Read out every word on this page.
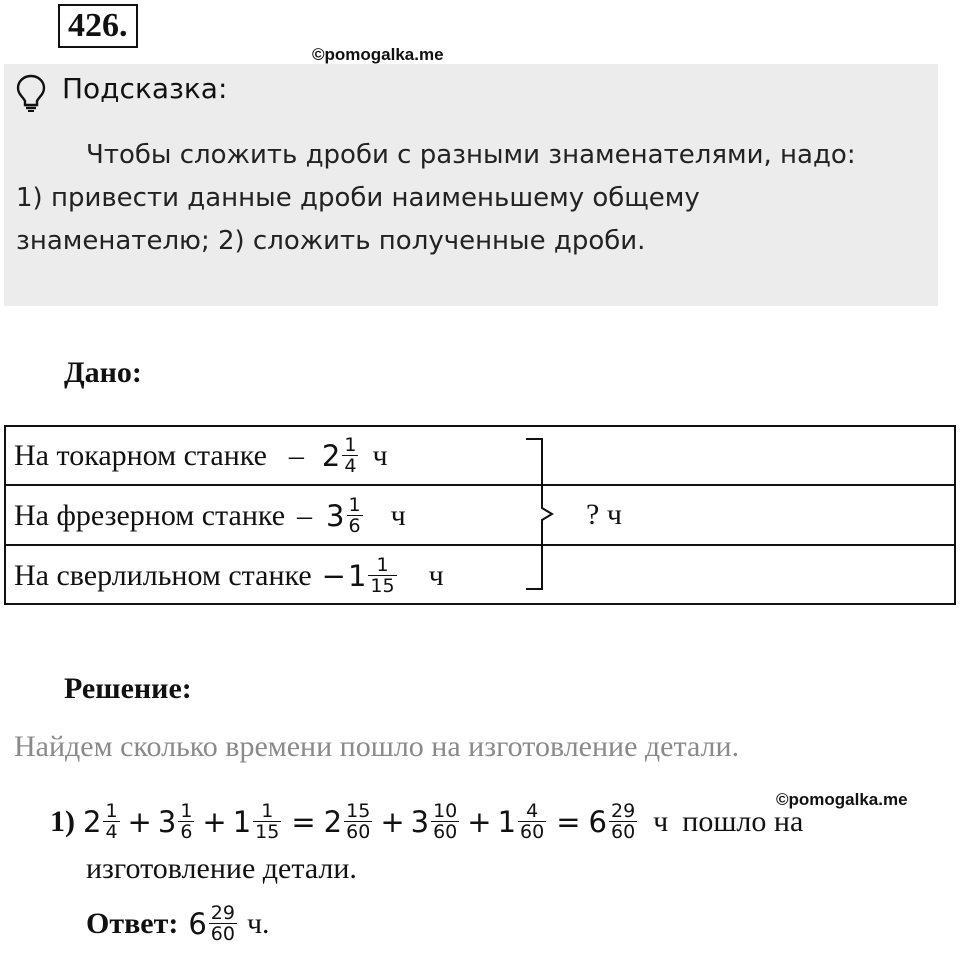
426.
©pomogalka.me
Подсказка:
Чтобы сложить дроби с разными знаменателями, надо:
1) привести данные дроби наименьшему общему
знаменателю; 2) сложить полученные дроби.
Дано:
На токарном станке – $2 \frac{1}{4}$ ч
На фрезерном станке – $3 \frac{1}{6}$ ч
На сверлильном станке − $1 \frac{1}{15}$ ч
? ч
Решение:
Найдем сколько времени пошло на изготовление детали.
©pomogalka.me
1) $2 \frac{1}{4} + 3 \frac{1}{6} + 1 \frac{1}{15} = 2 \frac{15}{60} + 3 \frac{10}{60} + 1 \frac{4}{60} = 6 \frac{29}{60}$ ч пошло на
изготовление детали.
Ответ: $6 \frac{29}{60} ч$.
